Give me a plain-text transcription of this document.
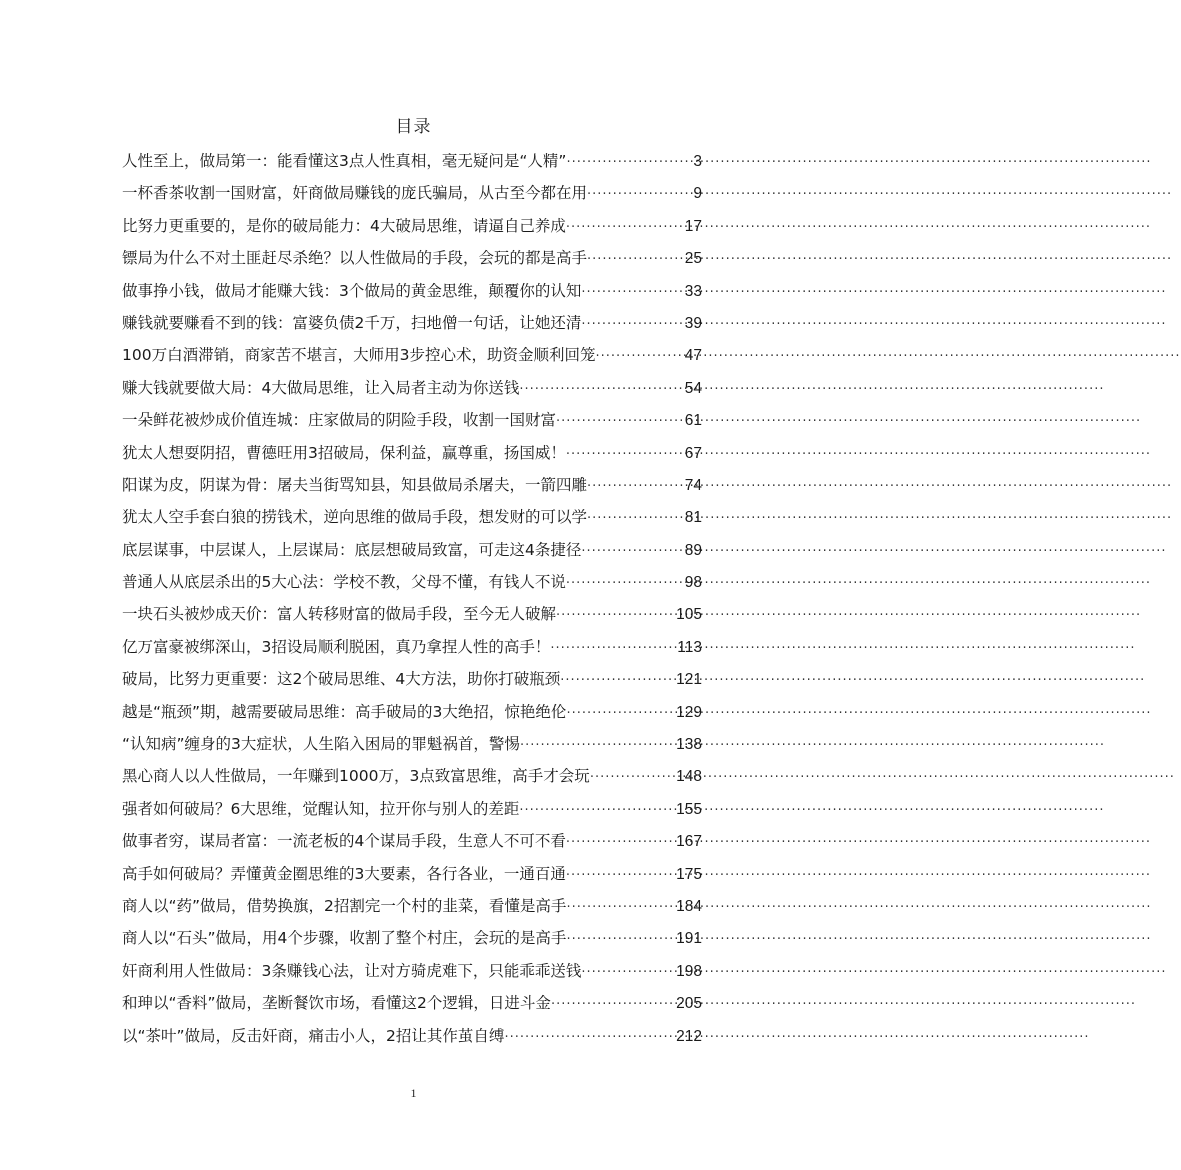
目录
人性至上，做局第一：能看懂这3点人性真相，毫无疑问是“人精” ·····	3
一杯香茶收割一国财富，奸商做局赚钱的庞氏骗局，从古至今都在用 ·····	9
比努力更重要的，是你的破局能力：4大破局思维，请逼自己养成 ·····	17
镖局为什么不对土匪赶尽杀绝？以人性做局的手段，会玩的都是高手 ·····	25
做事挣小钱，做局才能赚大钱：3个做局的黄金思维，颠覆你的认知 ·····	33
赚钱就要赚看不到的钱：富婆负债2千万，扫地僧一句话，让她还清 ·····	39
100万白酒滞销，商家苦不堪言，大师用3步控心术，助资金顺利回笼 ·····	47
赚大钱就要做大局：4大做局思维，让入局者主动为你送钱 ·····	54
一朵鲜花被炒成价值连城：庄家做局的阴险手段，收割一国财富 ·····	61
犹太人想耍阴招，曹德旺用3招破局，保利益，赢尊重，扬国威！ ·····	67
阳谋为皮，阴谋为骨：屠夫当街骂知县，知县做局杀屠夫，一箭四雕 ·····	74
犹太人空手套白狼的捞钱术，逆向思维的做局手段，想发财的可以学 ·····	81
底层谋事，中层谋人，上层谋局：底层想破局致富，可走这4条捷径 ·····	89
普通人从底层杀出的5大心法：学校不教，父母不懂，有钱人不说 ·····	98
一块石头被炒成天价：富人转移财富的做局手段，至今无人破解 ·····	105
亿万富豪被绑深山，3招设局顺利脱困，真乃拿捏人性的高手！ ·····	113
破局，比努力更重要：这2个破局思维、4大方法，助你打破瓶颈 ·····	121
越是“瓶颈”期，越需要破局思维：高手破局的3大绝招，惊艳绝伦 ·····	129
“认知病”缠身的3大症状，人生陷入困局的罪魁祸首，警惕 ·····	138
黑心商人以人性做局，一年赚到1000万，3点致富思维，高手才会玩 ·····	148
强者如何破局？6大思维，觉醒认知，拉开你与别人的差距 ·····	155
做事者穷，谋局者富：一流老板的4个谋局手段，生意人不可不看 ·····	167
高手如何破局？弄懂黄金圈思维的3大要素，各行各业，一通百通 ·····	175
商人以“药”做局，借势换旗，2招割完一个村的韭菜，看懂是高手 ·····	184
商人以“石头”做局，用4个步骤，收割了整个村庄，会玩的是高手 ·····	191
奸商利用人性做局：3条赚钱心法，让对方骑虎难下，只能乖乖送钱 ·····	198
和珅以“香料”做局，垄断餐饮市场，看懂这2个逻辑，日进斗金 ·····	205
以“茶叶”做局，反击奸商，痛击小人，2招让其作茧自缚 ·····	212
1
